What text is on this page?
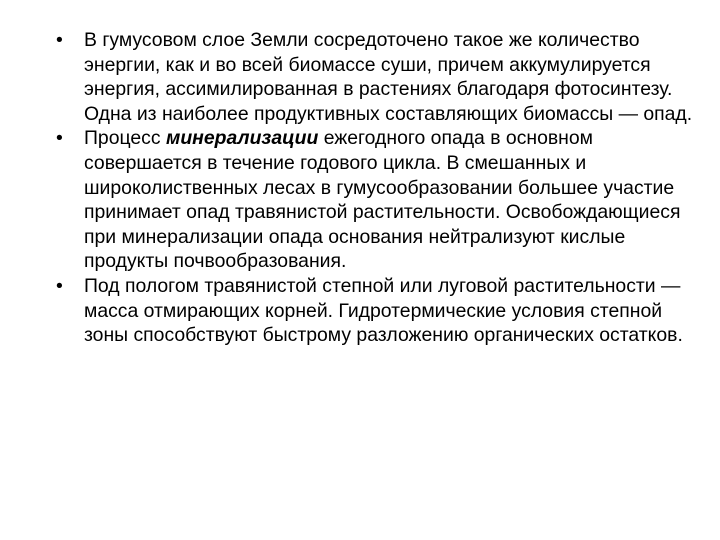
•	В гумусовом слое Земли сосредоточено такое же количество энергии, как и во всей биомассе суши, причем аккумулируется энергия, ассимилированная в растениях благодаря фотосинтезу. Одна из наиболее продуктивных составляющих биомассы — опад.
•	Процесс минерализации ежегодного опада в основном совершается в течение годового цикла. В смешанных и широколиственных лесах в гумусообразовании большее участие принимает опад травянистой растительности. Освобождающиеся при минерализации опада основания нейтрализуют кислые продукты почвообразования.
•	Под пологом травянистой степной или луговой растительности — масса отмирающих корней. Гидротермические условия степной зоны способствуют быстрому разложению органических остатков.
